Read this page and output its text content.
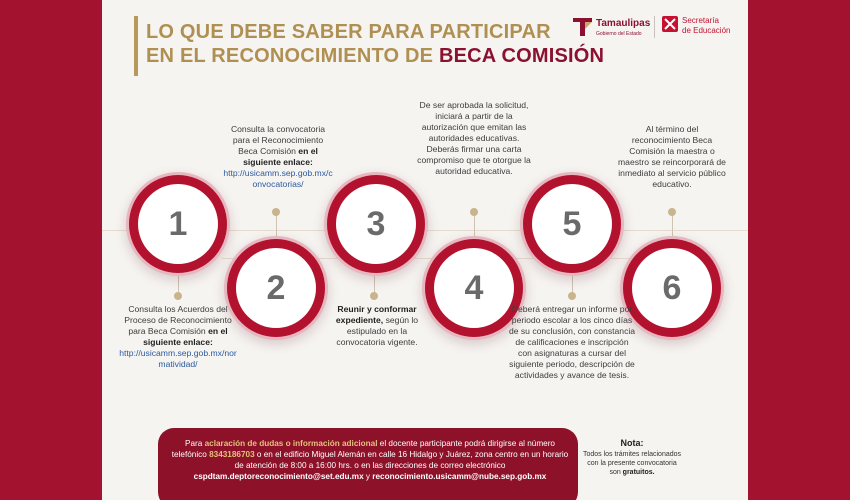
LO QUE DEBE SABER PARA PARTICIPAR
EN EL RECONOCIMIENTO DE BECA COMISIÓN
Tamaulipas
Gobierno del Estado
Secretaría
de Educación
1
2
3
4
5
6
Consulta los Acuerdos del Proceso de Reconocimiento para Beca Comisión en el siguiente enlace:
http://usicamm.sep.gob.mx/normatividad/
Consulta la convocatoria para el Reconocimiento Beca Comisión en el siguiente enlace:
http://usicamm.sep.gob.mx/convocatorias/
Reunir y conformar expediente, según lo estipulado en la convocatoria vigente.
De ser aprobada la solicitud, iniciará a partir de la autorización que emitan las autoridades educativas. Deberás firmar una carta compromiso que te otorgue la autoridad educativa.
Deberá entregar un informe por periodo escolar a los cinco días de su conclusión, con constancia de calificaciones e inscripción con asignaturas a cursar del siguiente periodo, descripción de actividades y avance de tesis.
Al término del reconocimiento Beca Comisión la maestra o maestro se reincorporará de inmediato al servicio público educativo.
Para aclaración de dudas o información adicional el docente participante podrá dirigirse al número telefónico 8343186703 o en el edificio Miguel Alemán en calle 16 Hidalgo y Juárez, zona centro en un horario de atención de 8:00 a 16:00 hrs. o en las direcciones de correo electrónico cspdtam.deptoreconocimiento@set.edu.mx y reconocimiento.usicamm@nube.sep.gob.mx
Nota:
Todos los trámites relacionados con la presente convocatoria son gratuitos.
